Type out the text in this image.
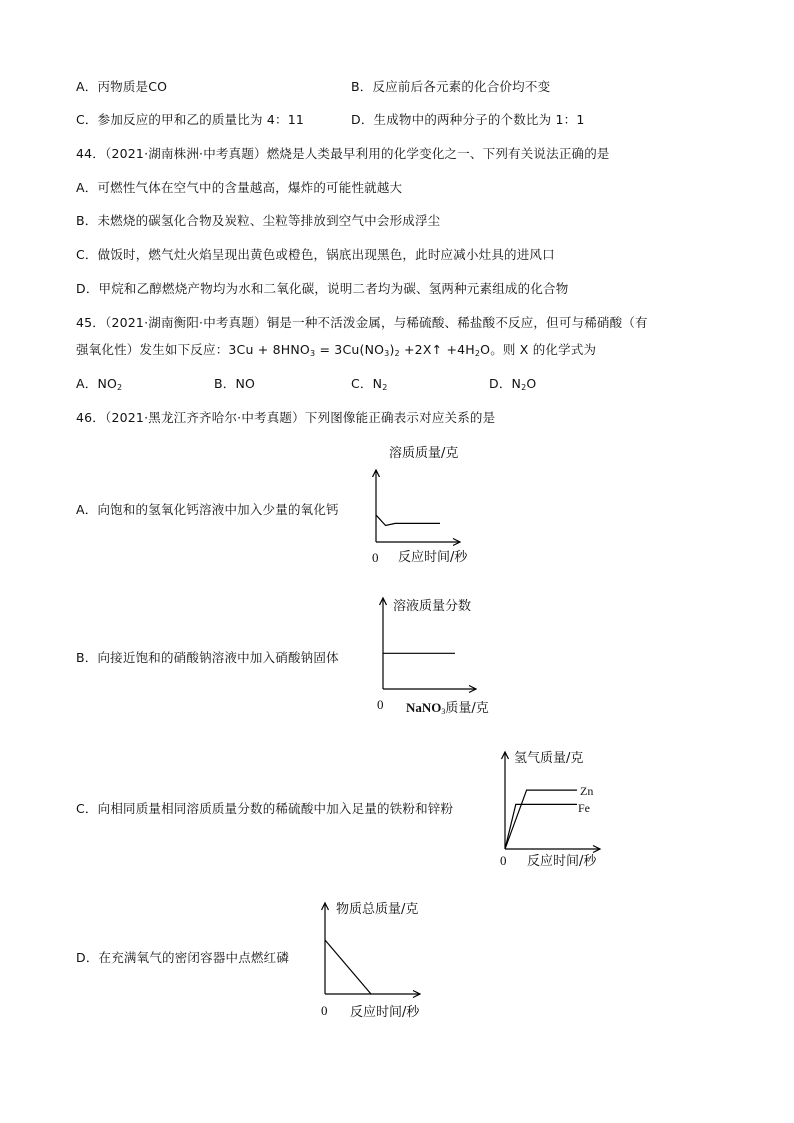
A．丙物质是CO	B．反应前后各元素的化合价均不变
C．参加反应的甲和乙的质量比为 4：11	D．生成物中的两种分子的个数比为 1：1
44．（2021·湖南株洲·中考真题）燃烧是人类最早利用的化学变化之一、下列有关说法正确的是
A．可燃性气体在空气中的含量越高，爆炸的可能性就越大
B．未燃烧的碳氢化合物及炭粒、尘粒等排放到空气中会形成浮尘
C．做饭时，燃气灶火焰呈现出黄色或橙色，锅底出现黑色，此时应减小灶具的进风口
D．甲烷和乙醇燃烧产物均为水和二氧化碳，说明二者均为碳、氢两种元素组成的化合物
45．（2021·湖南衡阳·中考真题）铜是一种不活泼金属，与稀硫酸、稀盐酸不反应，但可与稀硝酸（有
强氧化性）发生如下反应：$3Cu + 8HNO_3 = 3Cu(NO_3)_2$ +2X↑ $+4H_2O$。则 X 的化学式为
A．$NO_2$	B．NO	C．$N_2$	D．$N_2O$
46．（2021·黑龙江齐齐哈尔·中考真题）下列图像能正确表示对应关系的是
A．向饱和的氢氧化钙溶液中加入少量的氧化钙
溶质质量/克
0 反应时间/秒
B．向接近饱和的硝酸钠溶液中加入硝酸钠固体
溶液质量分数
0 NaNO$_3$质量/克
C．向相同质量相同溶质质量分数的稀硫酸中加入足量的铁粉和锌粉
氢气质量/克
0 反应时间/秒
Zn
Fe
D．在充满氧气的密闭容器中点燃红磷
物质总质量/克
0 反应时间/秒
